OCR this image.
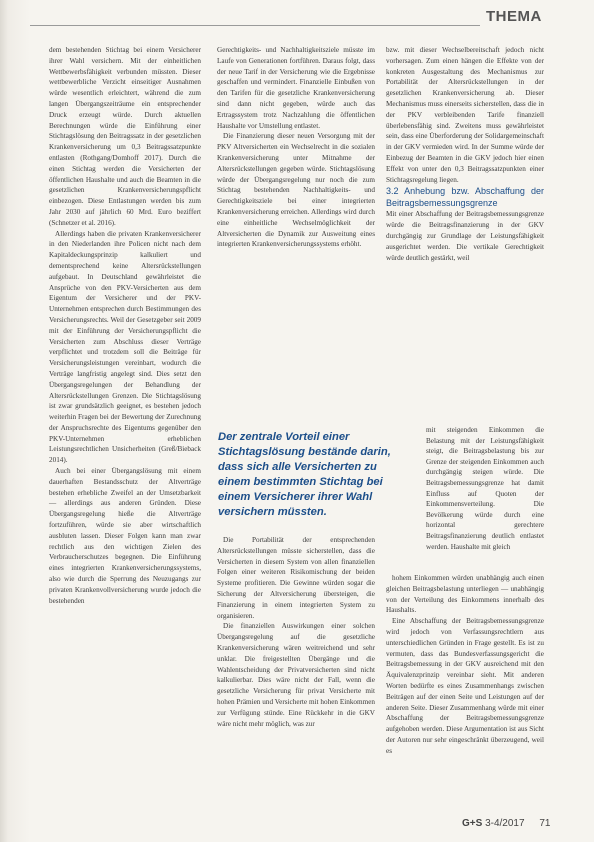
THEMA

dem bestehenden Stichtag bei einem Versicherer ihrer Wahl versichern. Mit der einheitlichen Wettbewerbsfähigkeit verbunden müssten. Dieser wettbewerbliche Verzicht einseitiger Ausnahmen würde wesentlich erleichtert, während die zum langen Übergangszeiträume ein entsprechender Druck erzeugt würde. Durch aktuellen Berechnungen würde die Einführung einer Stichtagslösung den Beitragssatz in der gesetzlichen Krankenversicherung um 0,3 Beitragssatzpunkte entlasten (Rothgang/Domhoff 2017). Durch die einen Stichtag werden die Versicherten der öffentlichen Haushalte und auch die Beamten in die gesetzlichen Krankenversicherungspflicht einbezogen. Diese Entlastungen werden bis zum Jahr 2030 auf jährlich 60 Mrd. Euro beziffert (Schnetzer et al. 2016).

Allerdings haben die privaten Krankenversicherer in den Niederlanden ihre Policen nicht nach dem Kapitaldeckungsprinzip kalkuliert und dementsprechend keine Altersrückstellungen aufgebaut. In Deutschland gewährleistet die Ansprüche von den PKV-Versicherten aus dem Eigentum der Versicherer und der PKV-Unternehmen entsprechen durch Bestimmungen des Versicherungsrechts. Weil der Gesetzgeber seit 2009 mit der Einführung der Versicherungspflicht die Versicherten zum Abschluss dieser Verträge verpflichtet und trotzdem soll die Beiträge für Versicherungsleistungen vereinbart, wodurch die Verträge langfristig angelegt sind. Dies setzt den Übergangsregelungen der Behandlung der Altersrückstellungen Grenzen. Die Stichtagslösung ist zwar grundsätzlich geeignet, es bestehen jedoch weiterhin Fragen bei der Bewertung der Zurechnung der Anspruchsrechte des Eigentums gegenüber den PKV-Unternehmen erheblichen Leistungsrechtlichen Unsicherheiten (Greß/Bieback 2014).

Auch bei einer Übergangslösung mit einem dauerhaften Bestandsschutz der Altverträge bestehen erhebliche Zweifel an der Umsetzbarkeit — allerdings aus anderen Gründen. Diese Übergangsregelung hieße die Altverträge fortzuführen, würde sie aber wirtschaftlich ausbluten lassen. Dieser Folgen kann man zwar rechtlich aus den wichtigen Zielen des Verbraucherschutzes begegnen. Die Einführung eines integrierten Krankenversicherungssystems, also wie durch die Sperrung des Neuzugangs zur privaten Krankenvollversicherung wurde jedoch die bestehenden

Gerechtigkeits- und Nachhaltigkeitsziele müsste im Laufe von Generationen fortführen. Daraus folgt, dass der neue Tarif in der Versicherung wie die Ergebnisse geschaffen und vermindert. Finanzielle Einbußen von den Tarifen für die gesetzliche Krankenversicherung sind dann nicht gegeben, würde auch das Ertragssystem trotz Nachzahlung die öffentlichen Haushalte vor Umstellung entlastet.

Die Finanzierung dieser neuen Versorgung mit der PKV Altversicherten ein Wechselrecht in die sozialen Krankenversicherung unter Mitnahme der Altersrückstellungen gegeben würde. Stichtagslösung würde der Übergangsregelung nur noch die zum Stichtag bestehenden Nachhaltigkeits- und Gerechtigkeitsziele bei einer integrierten Krankenversicherung erreichen. Allerdings wird durch eine einheitliche Wechselmöglichkeit der Altversicherten die Dynamik zur Ausweitung eines integrierten Krankenversicherungssystems erhöht.

Der zentrale Vorteil einer Stichtagslösung bestände darin, dass sich alle Versicherten zu einem bestimmten Stichtag bei einem Versicherer ihrer Wahl versichern müssten.

Die Portabilität der entsprechenden Altersrückstellungen müsste sicherstellen, dass die Versicherten in diesem System von allen finanziellen Folgen einer weiteren Risikomischung der beiden Systeme profitieren. Die Gewinne würden sogar die Sicherung der Altversicherung übersteigen, die Finanzierung in einem integrierten System zu organisieren.

Die finanziellen Auswirkungen einer solchen Übergangsregelung auf die gesetzliche Krankenversicherung wären weitreichend und sehr unklar. Die freigestellten Übergänge und die Wahlentscheidung der Privatversicherten sind nicht kalkulierbar. Dies wäre nicht der Fall, wenn die gesetzliche Versicherung für privat Versicherte mit hohen Prämien und Versicherte mit hohen Einkommen zur Verfügung stünde. Eine Rückkehr in die GKV wäre nicht mehr möglich, was zur

bzw. mit dieser Wechselbereitschaft jedoch nicht vorhersagen. Zum einen hängen die Effekte von der konkreten Ausgestaltung des Mechanismus zur Portabilität der Altersrückstellungen in der gesetzlichen Krankenversicherung ab. Dieser Mechanismus muss einerseits sicherstellen, dass die in der PKV verbleibenden Tarife finanziell überlebensfähig sind. Zweitens muss gewährleistet sein, dass eine Überforderung der Solidargemeinschaft in der GKV vermieden wird. In der Summe würde der Einbezug der Beamten in die GKV jedoch hier einen Effekt von unter den 0,3 Beitragssatzpunkten einer Stichtagsregelung liegen.

3.2 Anhebung bzw. Abschaffung der Beitragsbemessungsgrenze

Mit einer Abschaffung der Beitragsbemessungsgrenze würde die Beitragsfinanzierung in der GKV durchgängig zur Grundlage der Leistungsfähigkeit ausgerichtet werden. Die vertikale Gerechtigkeit würde deutlich gestärkt, weil

mit steigenden Einkommen die Belastung mit der Leistungsfähigkeit steigt, die Beitragsbelastung bis zur Grenze der steigenden Einkommen auch durchgängig steigen würde. Die Beitragsbemessungsgrenze hat damit Einfluss auf Quoten der Einkommensverteilung. Die Bevölkerung würde durch eine horizontal gerechtere Beitragsfinanzierung deutlich entlastet werden. Haushalte mit gleich

hohem Einkommen würden unabhängig auch einen gleichen Beitragsbelastung unterliegen — unabhängig von der Verteilung des Einkommens innerhalb des Haushalts.

Eine Abschaffung der Beitragsbemessungsgrenze wird jedoch von Verfassungsrechtlern aus unterschiedlichen Gründen in Frage gestellt. Es ist zu vermuten, dass das Bundesverfassungsgericht die Beitragsbemessung in der GKV ausreichend mit den Äquivalenzprinzip vereinbar sieht. Mit anderen Worten bedürfte es eines Zusammenhangs zwischen Beiträgen auf der einen Seite und Leistungen auf der anderen Seite. Dieser Zusammenhang würde mit einer Abschaffung der Beitragsbemessungsgrenze aufgehoben werden. Diese Argumentation ist aus Sicht der Autoren nur sehr eingeschränkt überzeugend, weil es

G+S 3-4/2017 71
